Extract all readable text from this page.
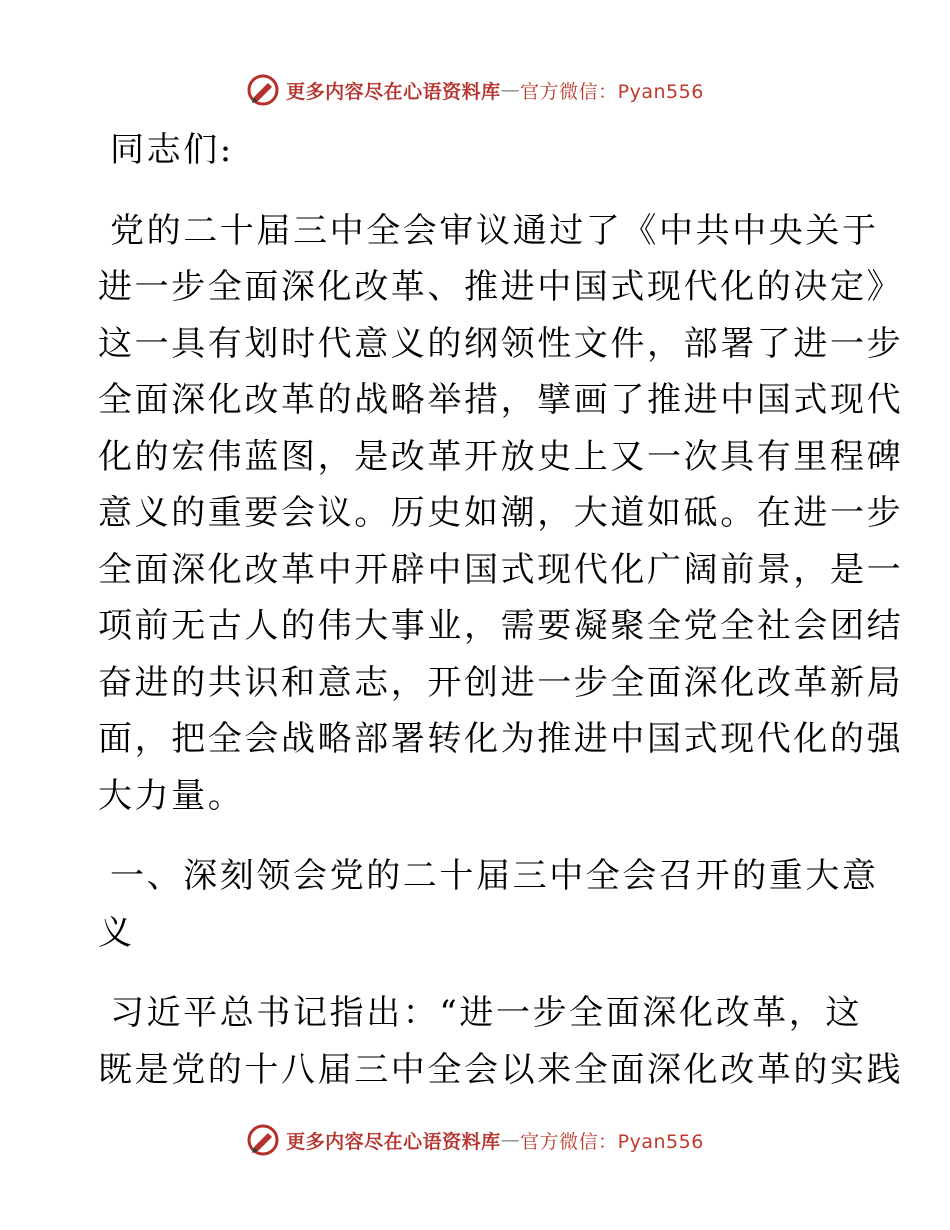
更多内容尽在心语资料库 — 官方微信：Pyan556
同志们:
党的二十届三中全会审议通过了《中共中央关于
进一步全面深化改革、推进中国式现代化的决定》
这一具有划时代意义的纲领性文件，部署了进一步
全面深化改革的战略举措，擘画了推进中国式现代
化的宏伟蓝图，是改革开放史上又一次具有里程碑
意义的重要会议。历史如潮，大道如砥。在进一步
全面深化改革中开辟中国式现代化广阔前景，是一
项前无古人的伟大事业，需要凝聚全党全社会团结
奋进的共识和意志，开创进一步全面深化改革新局
面，把全会战略部署转化为推进中国式现代化的强
大力量。
一、深刻领会党的二十届三中全会召开的重大意
义
习近平总书记指出：“进一步全面深化改革，这
既是党的十八届三中全会以来全面深化改革的实践
更多内容尽在心语资料库 — 官方微信：Pyan556
